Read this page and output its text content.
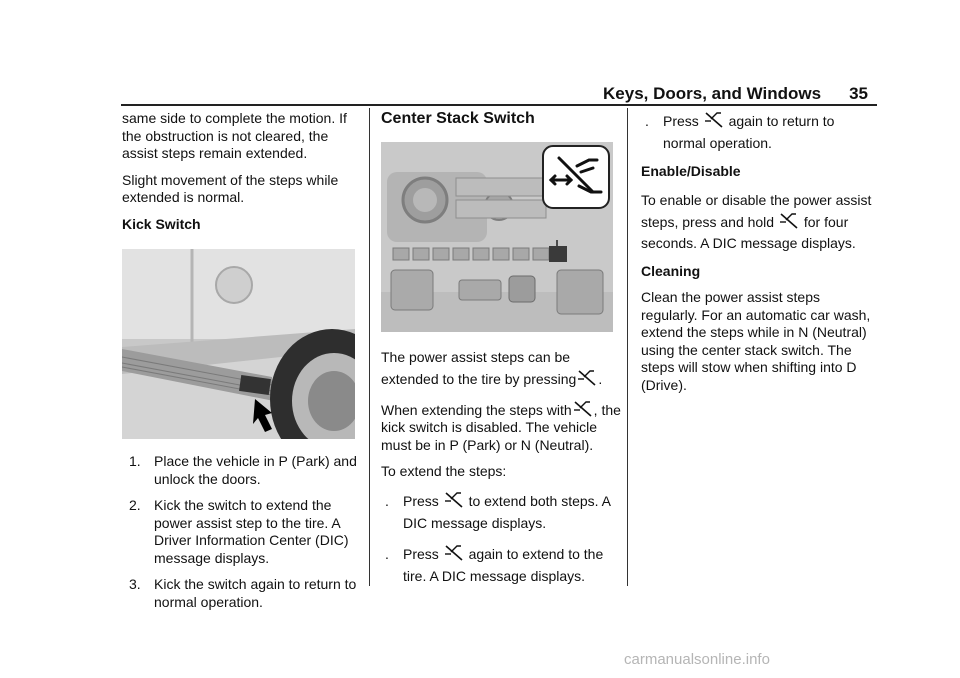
Keys, Doors, and Windows 35

same side to complete the motion. If the obstruction is not cleared, the assist steps remain extended.

Slight movement of the steps while extended is normal.

Kick Switch

1. Place the vehicle in P (Park) and unlock the doors.
2. Kick the switch to extend the power assist step to the tire. A Driver Information Center (DIC) message displays.
3. Kick the switch again to return to normal operation.

Center Stack Switch

The power assist steps can be extended to the tire by pressing .

When extending the steps with , the kick switch is disabled. The vehicle must be in P (Park) or N (Neutral).

To extend the steps:

. Press to extend both steps. A DIC message displays.
. Press again to extend to the tire. A DIC message displays.
. Press again to return to normal operation.

Enable/Disable

To enable or disable the power assist steps, press and hold for four seconds. A DIC message displays.

Cleaning

Clean the power assist steps regularly. For an automatic car wash, extend the steps while in N (Neutral) using the center stack switch. The steps will stow when shifting into D (Drive).

carmanualsonline.info
